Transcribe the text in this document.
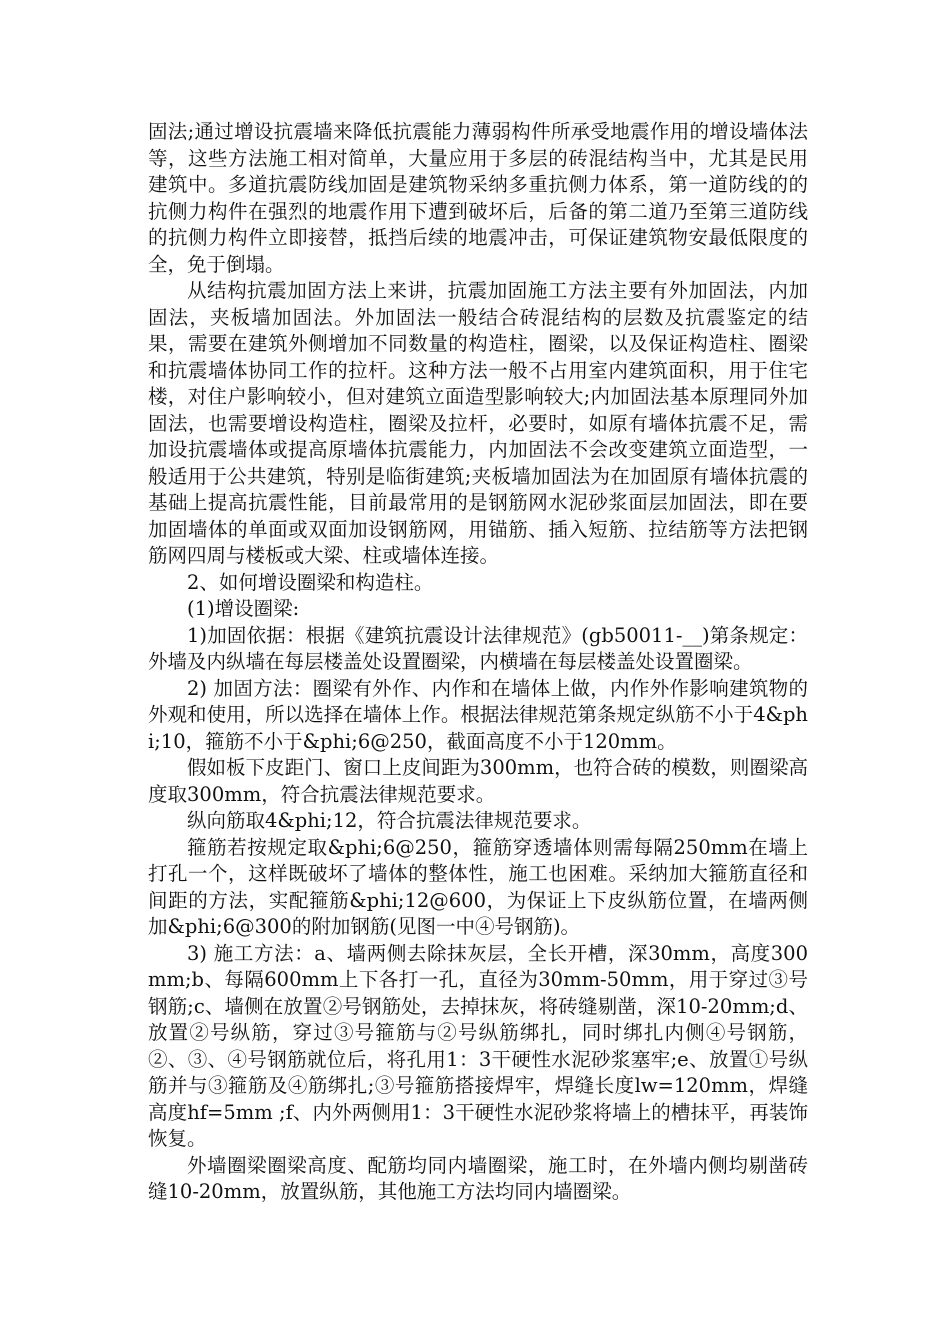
固法;通过增设抗震墙来降低抗震能力薄弱构件所承受地震作用的增设墙体法等，这些方法施工相对简单，大量应用于多层的砖混结构当中，尤其是民用建筑中。多道抗震防线加固是建筑物采纳多重抗侧力体系，第一道防线的的抗侧力构件在强烈的地震作用下遭到破坏后，后备的第二道乃至第三道防线的抗侧力构件立即接替，抵挡后续的地震冲击，可保证建筑物安最低限度的全，免于倒塌。

从结构抗震加固方法上来讲，抗震加固施工方法主要有外加固法，内加固法，夹板墙加固法。外加固法一般结合砖混结构的层数及抗震鉴定的结果，需要在建筑外侧增加不同数量的构造柱，圈梁，以及保证构造柱、圈梁和抗震墙体协同工作的拉杆。这种方法一般不占用室内建筑面积，用于住宅楼，对住户影响较小，但对建筑立面造型影响较大;内加固法基本原理同外加固法，也需要增设构造柱，圈梁及拉杆，必要时，如原有墙体抗震不足，需加设抗震墙体或提高原墙体抗震能力，内加固法不会改变建筑立面造型，一般适用于公共建筑，特别是临街建筑;夹板墙加固法为在加固原有墙体抗震的基础上提高抗震性能，目前最常用的是钢筋网水泥砂浆面层加固法，即在要加固墙体的单面或双面加设钢筋网，用锚筋、插入短筋、拉结筋等方法把钢筋网四周与楼板或大梁、柱或墙体连接。

2、如何增设圈梁和构造柱。

(1)增设圈梁:

1)加固依据：根据《建筑抗震设计法律规范》(gb50011-__)第条规定：外墙及内纵墙在每层楼盖处设置圈梁，内横墙在每层楼盖处设置圈梁。

2) 加固方法：圈梁有外作、内作和在墙体上做，内作外作影响建筑物的外观和使用，所以选择在墙体上作。根据法律规范第条规定纵筋不小于4&phi;10，箍筋不小于&phi;6@250，截面高度不小于120mm。

假如板下皮距门、窗口上皮间距为300mm，也符合砖的模数，则圈梁高度取300mm，符合抗震法律规范要求。

纵向筋取4&phi;12，符合抗震法律规范要求。

箍筋若按规定取&phi;6@250，箍筋穿透墙体则需每隔250mm在墙上打孔一个，这样既破坏了墙体的整体性，施工也困难。采纳加大箍筋直径和间距的方法，实配箍筋&phi;12@600，为保证上下皮纵筋位置，在墙两侧加&phi;6@300的附加钢筋(见图一中④号钢筋)。

3) 施工方法：a、墙两侧去除抹灰层，全长开槽，深30mm，高度300mm;b、每隔600mm上下各打一孔，直径为30mm-50mm，用于穿过③号钢筋;c、墙侧在放置②号钢筋处，去掉抹灰，将砖缝剔凿，深10-20mm;d、放置②号纵筋，穿过③号箍筋与②号纵筋绑扎，同时绑扎内侧④号钢筋，②、③、④号钢筋就位后，将孔用1：3干硬性水泥砂浆塞牢;e、放置①号纵筋并与③箍筋及④筋绑扎;③号箍筋搭接焊牢，焊缝长度lw=120mm，焊缝高度hf=5mm ;f、内外两侧用1：3干硬性水泥砂浆将墙上的槽抹平，再装饰恢复。

外墙圈梁圈梁高度、配筋均同内墙圈梁，施工时，在外墙内侧均剔凿砖缝10-20mm，放置纵筋，其他施工方法均同内墙圈梁。
